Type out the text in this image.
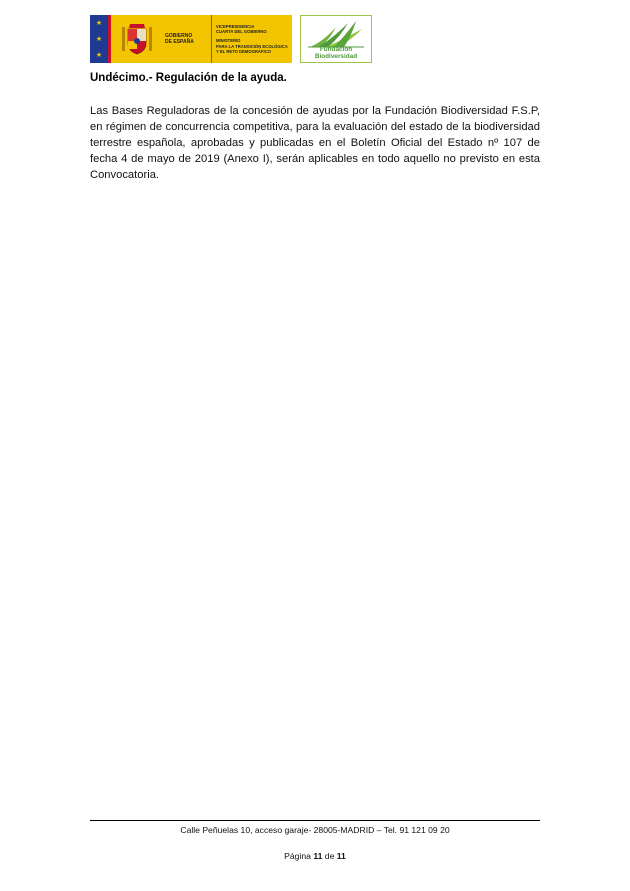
★
★
★
GOBIERNO
DE ESPAÑA
VICEPRESIDENCIA
CUARTA DEL GOBIERNO
MINISTERIO
PARA LA TRANSICIÓN ECOLÓGICA
Y EL RETO DEMOGRÁFICO	Fundación Biodiversidad
Undécimo.- Regulación de la ayuda.
Las Bases Reguladoras de la concesión de ayudas por la Fundación Biodiversidad F.S.P, en régimen de concurrencia competitiva, para la evaluación del estado de la biodiversidad terrestre española, aprobadas y publicadas en el Boletín Oficial del Estado nº 107 de fecha 4 de mayo de 2019 (Anexo I), serán aplicables en todo aquello no previsto en esta Convocatoria.
Calle Peñuelas 10, acceso garaje- 28005-MADRID – Tel. 91 121 09 20
Página 11 de 11
